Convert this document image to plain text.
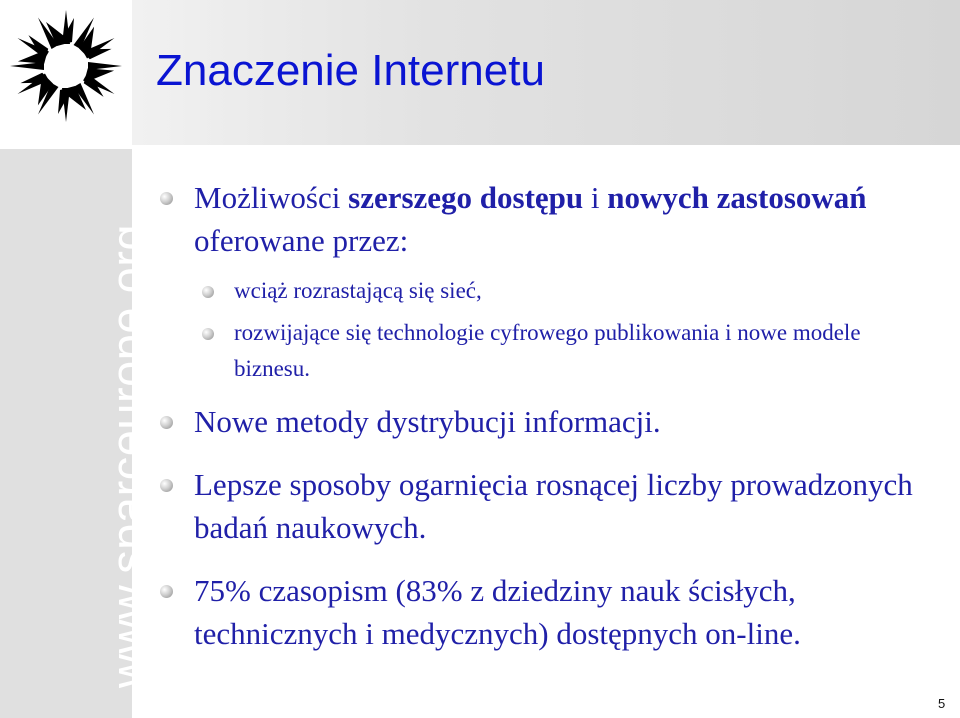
www.sparceurope.org
Znaczenie Internetu
Możliwości szerszego dostępu i nowych zastosowań oferowane przez:
wciąż rozrastającą się sieć,
rozwijające się technologie cyfrowego publikowania i nowe modele biznesu.
Nowe metody dystrybucji informacji.
Lepsze sposoby ogarnięcia rosnącej liczby prowadzonych badań naukowych.
75% czasopism (83% z dziedziny nauk ścisłych, technicznych i medycznych) dostępnych on-line.
5
